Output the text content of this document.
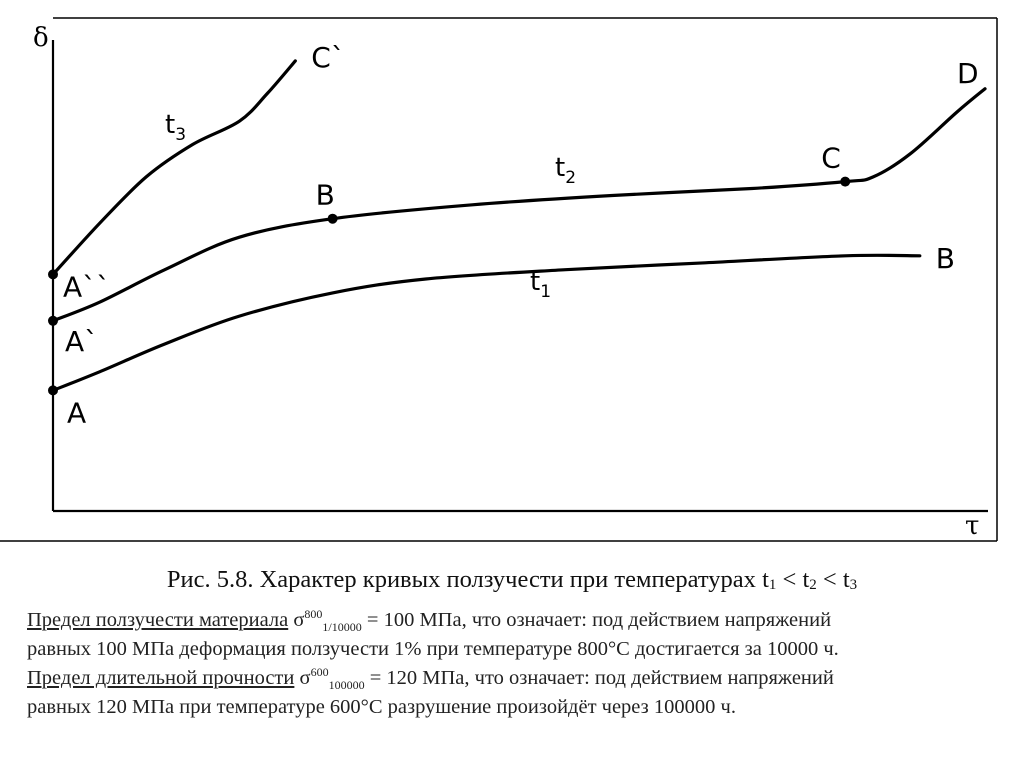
δ
τ
$t_1$
A
B
$t_2$
A`
B
C
D
$t_3$
A``
C`
Рис. 5.8. Характер кривых ползучести при температурах t1 < t2 < t3
Предел ползучести материала $\sigma^{800}_{1/10000} = 100$ МПа, что означает: под действием напряжений
равных 100 МПа деформация ползучести 1% при температуре 800°C достигается за 10000 ч.
Предел длительной прочности $\sigma^{600}_{100000} = 120$ МПа, что означает: под действием напряжений
равных 120 МПа при температуре 600°C разрушение произойдёт через 100000 ч.
